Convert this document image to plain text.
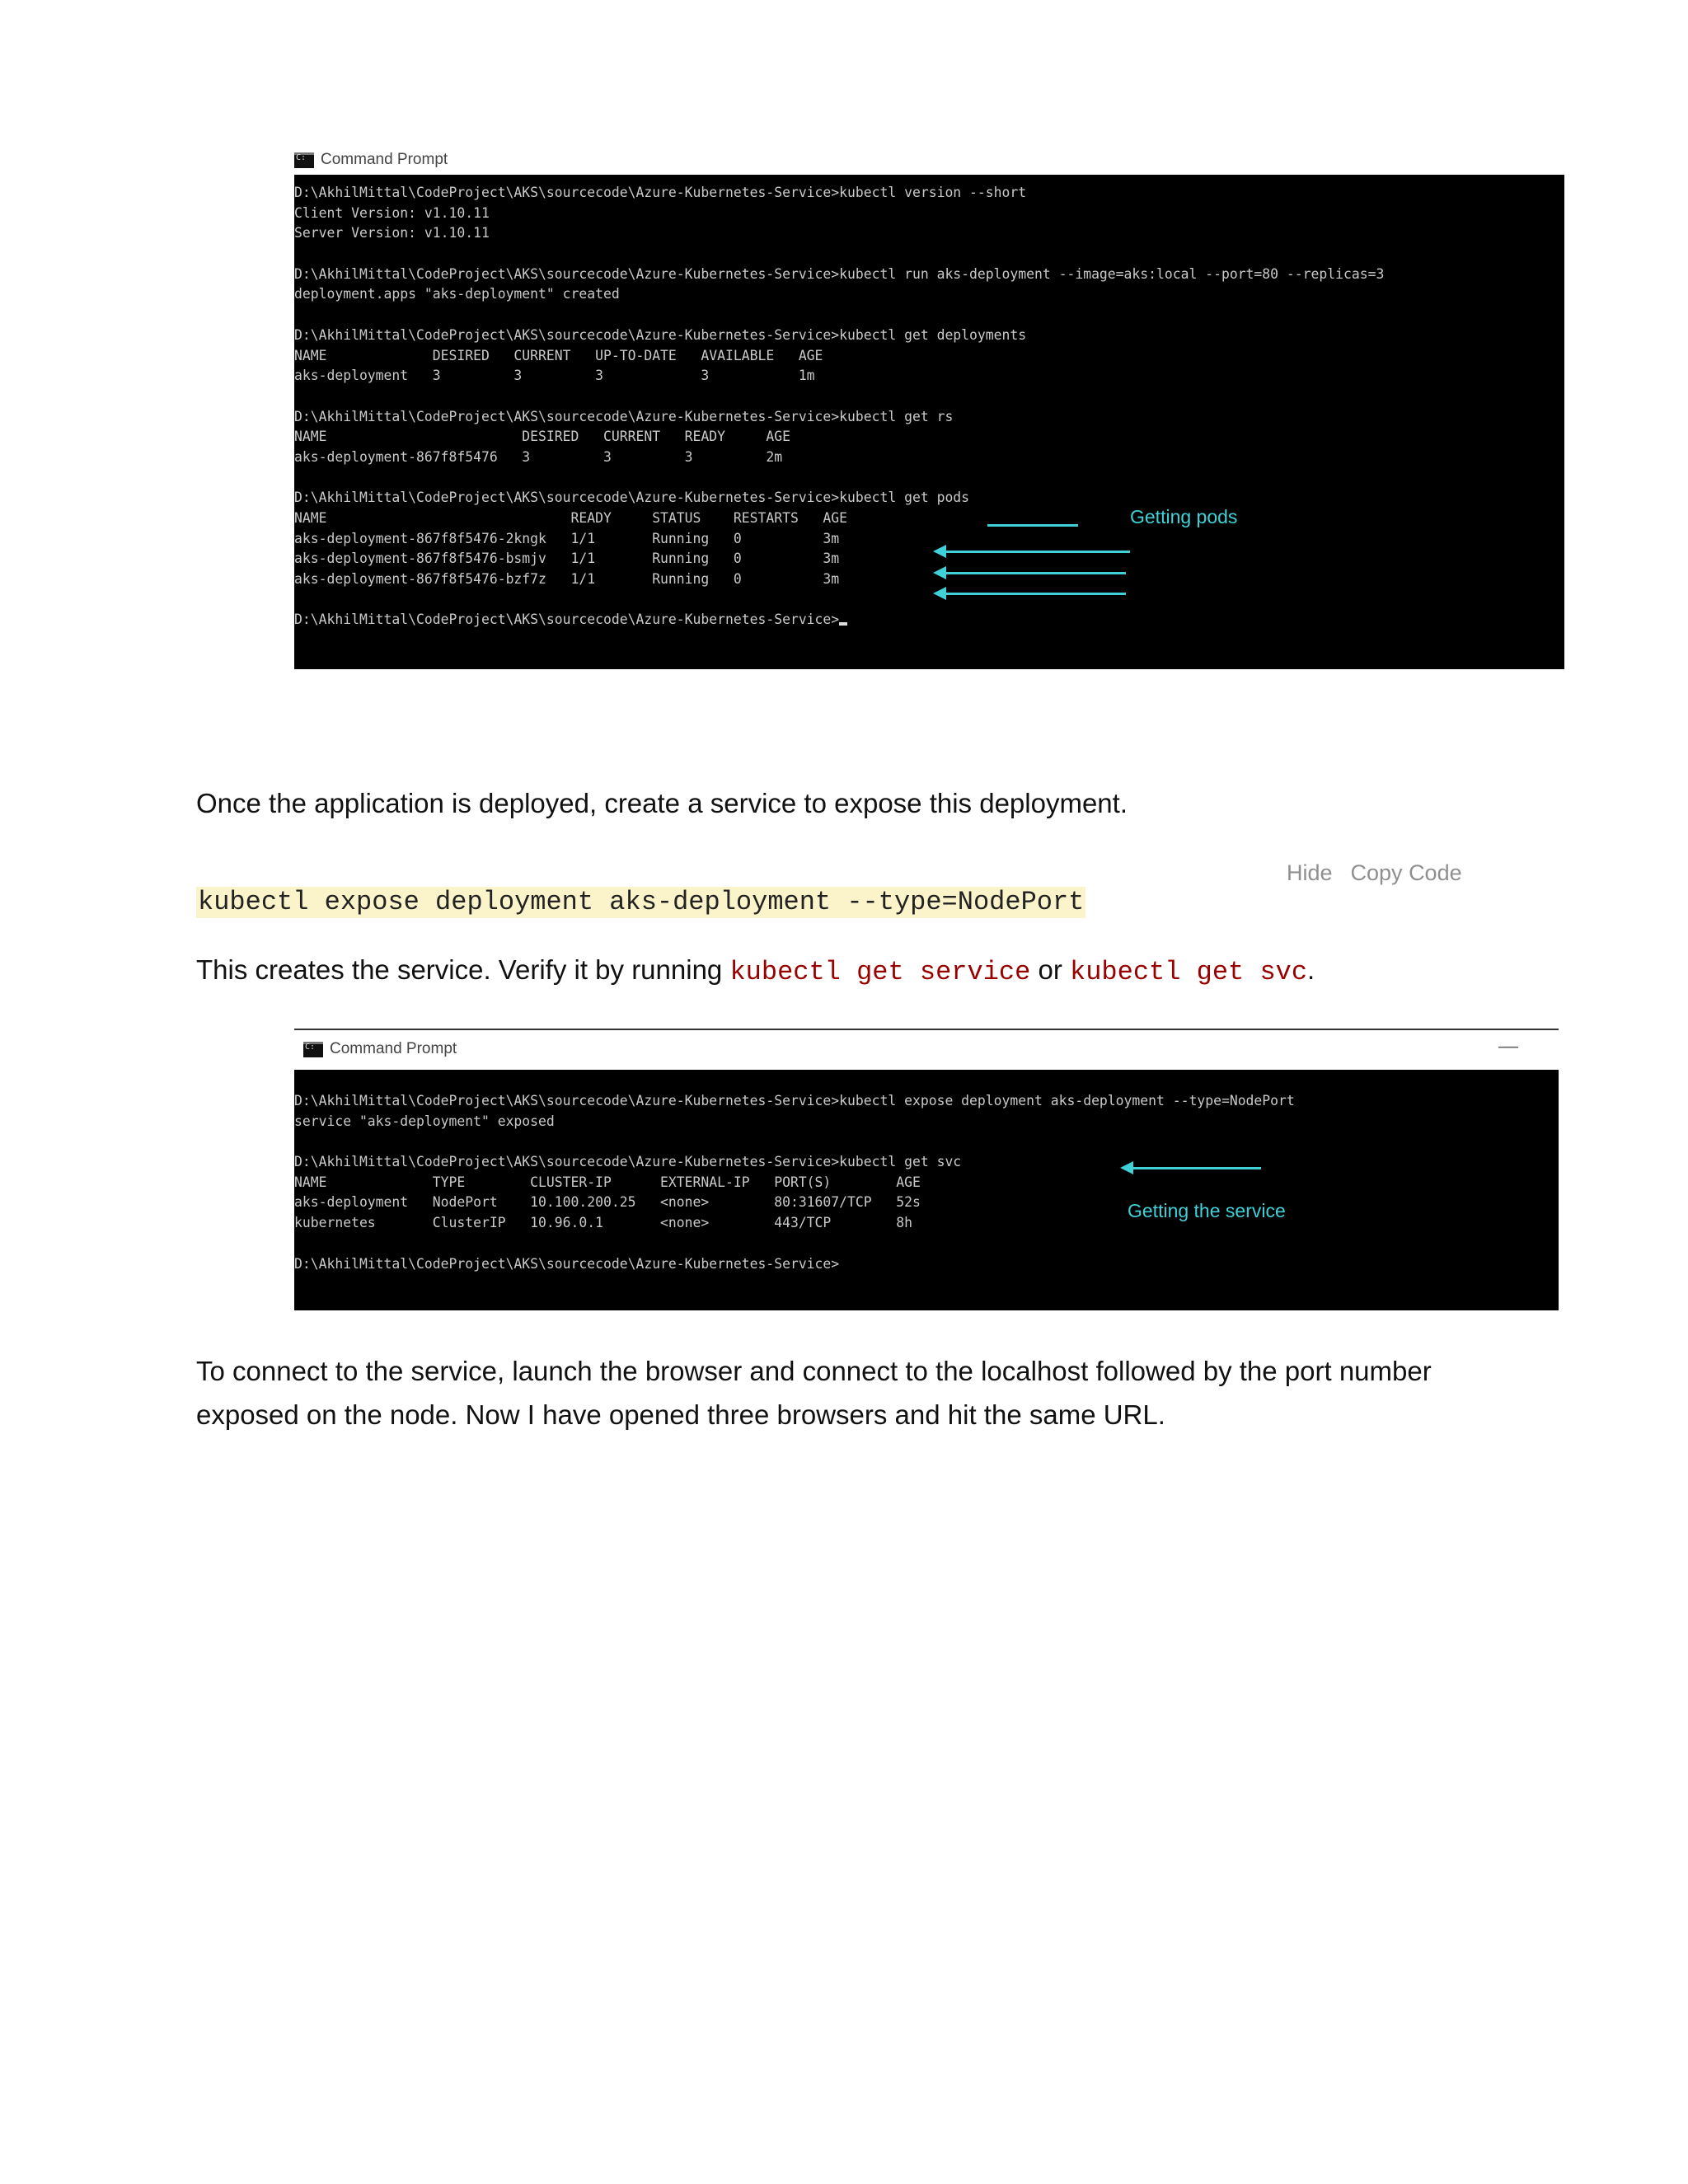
C:
Command Prompt
D:\AkhilMittal\CodeProject\AKS\sourcecode\Azure-Kubernetes-Service>kubectl version --short
Client Version: v1.10.11
Server Version: v1.10.11
D:\AkhilMittal\CodeProject\AKS\sourcecode\Azure-Kubernetes-Service>kubectl run aks-deployment --image=aks:local --port=80 --replicas=3
deployment.apps "aks-deployment" created
D:\AkhilMittal\CodeProject\AKS\sourcecode\Azure-Kubernetes-Service>kubectl get deployments
NAME             DESIRED   CURRENT   UP-TO-DATE   AVAILABLE   AGE
aks-deployment   3         3         3            3           1m
D:\AkhilMittal\CodeProject\AKS\sourcecode\Azure-Kubernetes-Service>kubectl get rs
NAME                        DESIRED   CURRENT   READY     AGE
aks-deployment-867f8f5476   3         3         3         2m
D:\AkhilMittal\CodeProject\AKS\sourcecode\Azure-Kubernetes-Service>kubectl get pods
NAME                              READY     STATUS    RESTARTS   AGE
aks-deployment-867f8f5476-2kngk   1/1       Running   0          3m
aks-deployment-867f8f5476-bsmjv   1/1       Running   0          3m
aks-deployment-867f8f5476-bzf7z   1/1       Running   0          3m
D:\AkhilMittal\CodeProject\AKS\sourcecode\Azure-Kubernetes-Service>
Getting pods
Once the application is deployed, create a service to expose this deployment.
Hide Copy Code
kubectl expose deployment aks-deployment --type=NodePort
This creates the service. Verify it by running kubectl get service or kubectl get svc.
C:
Command Prompt	—
D:\AkhilMittal\CodeProject\AKS\sourcecode\Azure-Kubernetes-Service>kubectl expose deployment aks-deployment --type=NodePort
service "aks-deployment" exposed
D:\AkhilMittal\CodeProject\AKS\sourcecode\Azure-Kubernetes-Service>kubectl get svc
NAME             TYPE        CLUSTER-IP      EXTERNAL-IP   PORT(S)        AGE
aks-deployment   NodePort    10.100.200.25   <none>        80:31607/TCP   52s
kubernetes       ClusterIP   10.96.0.1       <none>        443/TCP        8h
D:\AkhilMittal\CodeProject\AKS\sourcecode\Azure-Kubernetes-Service>
Getting the service
To connect to the service, launch the browser and connect to the localhost followed by the port number
exposed on the node. Now I have opened three browsers and hit the same URL.
